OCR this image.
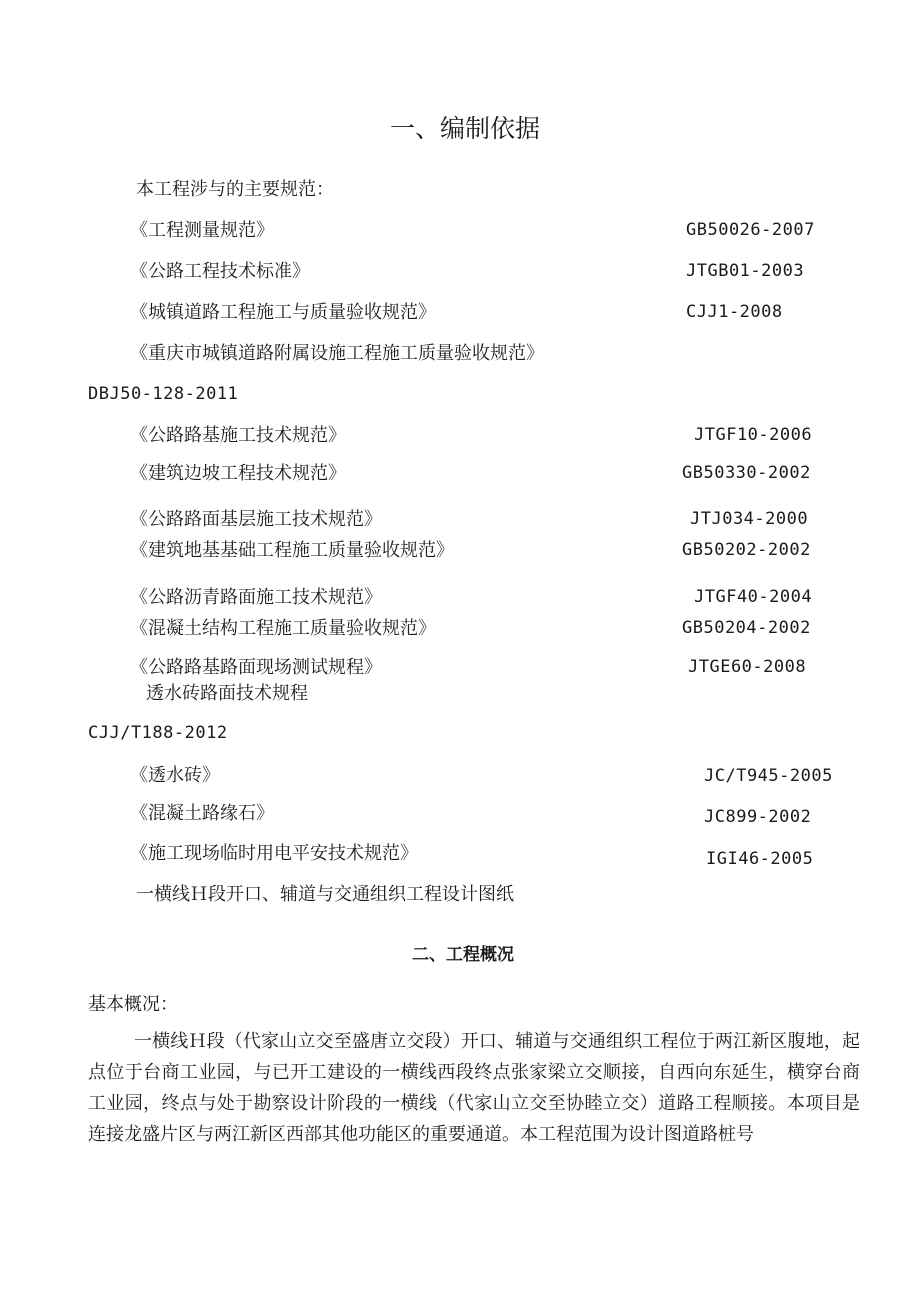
一、编制依据
本工程涉与的主要规范：
《工程测量规范》	GB50026-2007
《公路工程技术标准》	JTGB01-2003
《城镇道路工程施工与质量验收规范》	CJJ1-2008
《重庆市城镇道路附属设施工程施工质量验收规范》
DBJ50-128-2011
《公路路基施工技术规范》	JTGF10-2006
《建筑边坡工程技术规范》	GB50330-2002
《公路路面基层施工技术规范》	JTJ034-2000
《建筑地基基础工程施工质量验收规范》	GB50202-2002
《公路沥青路面施工技术规范》	JTGF40-2004
《混凝土结构工程施工质量验收规范》	GB50204-2002
《公路路基路面现场测试规程》	JTGE60-2008
透水砖路面技术规程
CJJ/T188-2012
《透水砖》	JC/T945-2005
《混凝土路缘石》	JC899-2002
《施工现场临时用电平安技术规范》	IGI46-2005
一横线Ｈ段开口、辅道与交通组织工程设计图纸
二、工程概况
基本概况：
一横线Ｈ段（代家山立交至盛唐立交段）开口、辅道与交通组织工程位于两江新区腹地，起点位于台商工业园，与已开工建设的一横线西段终点张家梁立交顺接，自西向东延生，横穿台商工业园，终点与处于勘察设计阶段的一横线（代家山立交至协睦立交）道路工程顺接。本项目是连接龙盛片区与两江新区西部其他功能区的重要通道。本工程范围为设计图道路桩号
